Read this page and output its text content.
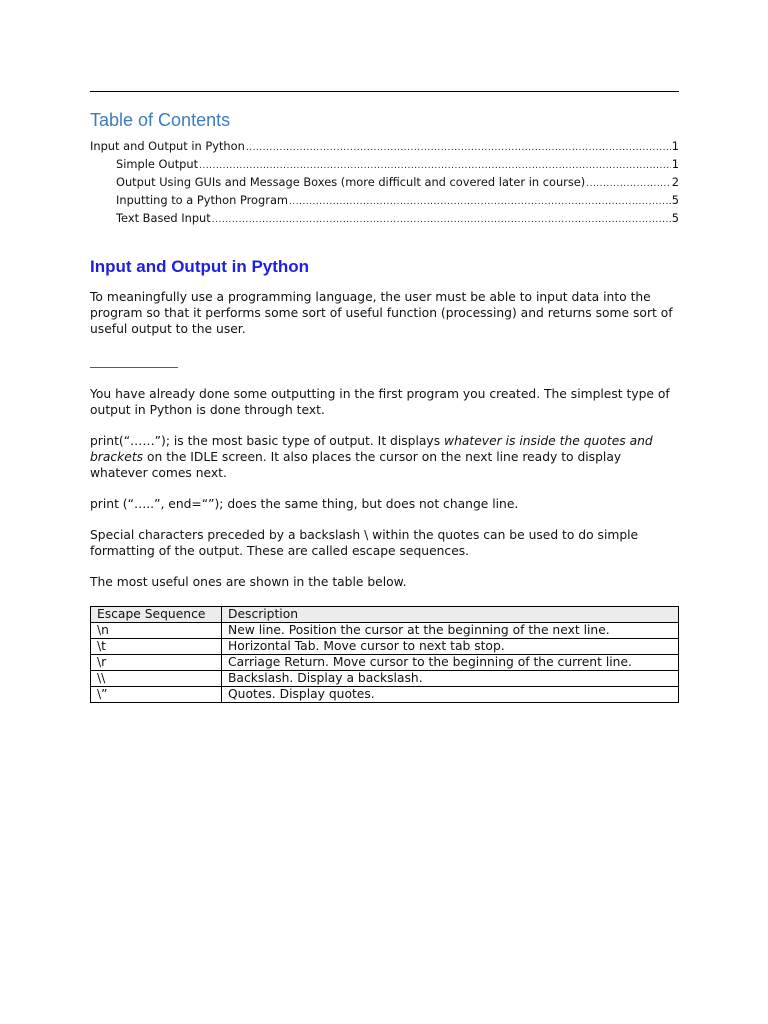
Table of Contents
Input and Output in Python .....	1
Simple Output .....	1
Output Using GUIs and Message Boxes (more difficult and covered later in course) .....	2
Inputting to a Python Program .....	5
Text Based Input .....	5
Input and Output in Python
To meaningfully use a programming language, the user must be able to input data into the program so that it performs some sort of useful function (processing) and returns some sort of useful output to the user.
You have already done some outputting in the first program you created. The simplest type of output in Python is done through text.
print(“……”); is the most basic type of output. It displays whatever is inside the quotes and brackets on the IDLE screen. It also places the cursor on the next line ready to display whatever comes next.
print (“…..”, end=“”); does the same thing, but does not change line.
Special characters preceded by a backslash \ within the quotes can be used to do simple formatting of the output. These are called escape sequences.
The most useful ones are shown in the table below.
Escape Sequence	Description
\n	New line. Position the cursor at the beginning of the next line.
\t	Horizontal Tab. Move cursor to next tab stop.
\r	Carriage Return. Move cursor to the beginning of the current line.
\\	Backslash. Display a backslash.
\”	Quotes. Display quotes.
